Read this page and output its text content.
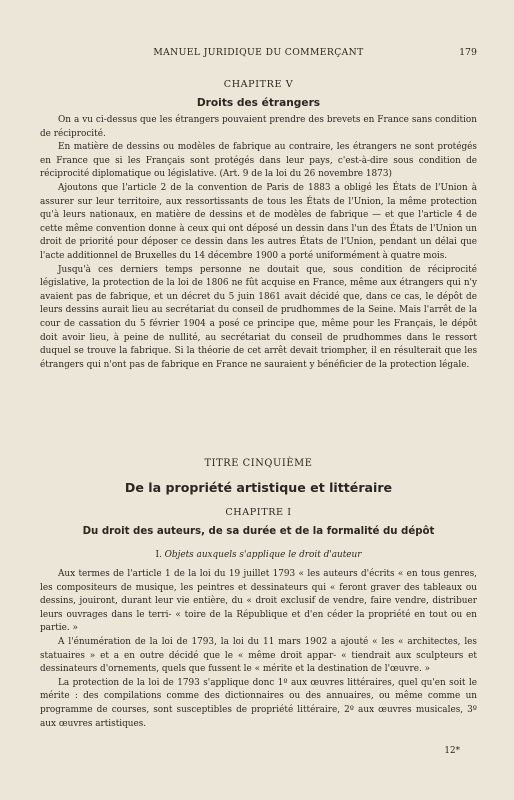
MANUEL JURIDIQUE DU COMMERÇANT	179
CHAPITRE V
Droits des étrangers

On a vu ci-dessus que les étrangers pouvaient prendre des brevets en France sans condition de réciprocité.

En matière de dessins ou modèles de fabrique au contraire, les étrangers ne sont protégés en France que si les Français sont protégés dans leur pays, c'est-à-dire sous condition de réciprocité diplomatique ou législative. (Art. 9 de la loi du 26 novembre 1873)

Ajoutons que l'article 2 de la convention de Paris de 1883 a obligé les États de l'Union à assurer sur leur territoire, aux ressortissants de tous les États de l'Union, la même protection qu'à leurs nationaux, en matière de dessins et de modèles de fabrique — et que l'article 4 de cette même convention donne à ceux qui ont déposé un dessin dans l'un des États de l'Union un droit de priorité pour déposer ce dessin dans les autres États de l'Union, pendant un délai que l'acte additionnel de Bruxelles du 14 décembre 1900 a porté uniformément à quatre mois.

Jusqu'à ces derniers temps personne ne doutait que, sous condition de réciprocité législative, la protection de la loi de 1806 ne fût acquise en France, même aux étrangers qui n'y avaient pas de fabrique, et un décret du 5 juin 1861 avait décidé que, dans ce cas, le dépôt de leurs dessins aurait lieu au secrétariat du conseil de prudhommes de la Seine. Mais l'arrêt de la cour de cassation du 5 février 1904 a posé ce principe que, même pour les Français, le dépôt doit avoir lieu, à peine de nullité, au secrétariat du conseil de prudhommes dans le ressort duquel se trouve la fabrique. Si la théorie de cet arrêt devait triompher, il en résulterait que les étrangers qui n'ont pas de fabrique en France ne sauraient y bénéficier de la protection légale.

TITRE CINQUIÈME
De la propriété artistique et littéraire
CHAPITRE I
Du droit des auteurs, de sa durée et de la formalité du dépôt
I. Objets auxquels s'applique le droit d'auteur

Aux termes de l'article 1 de la loi du 19 juillet 1793 « les auteurs d'écrits « en tous genres, les compositeurs de musique, les peintres et dessinateurs qui « feront graver des tableaux ou dessins, jouiront, durant leur vie entière, du « droit exclusif de vendre, faire vendre, distribuer leurs ouvrages dans le terri- « toire de la République et d'en céder la propriété en tout ou en partie. »

A l'énumération de la loi de 1793, la loi du 11 mars 1902 a ajouté « les « architectes, les statuaires » et a en outre décidé que le « même droit appar- « tiendrait aux sculpteurs et dessinateurs d'ornements, quels que fussent le « mérite et la destination de l'œuvre. »

La protection de la loi de 1793 s'applique donc 1º aux œuvres littéraires, quel qu'en soit le mérite : des compilations comme des dictionnaires ou des annuaires, ou même comme un programme de courses, sont susceptibles de propriété littéraire, 2º aux œuvres musicales, 3º aux œuvres artistiques.

12*
